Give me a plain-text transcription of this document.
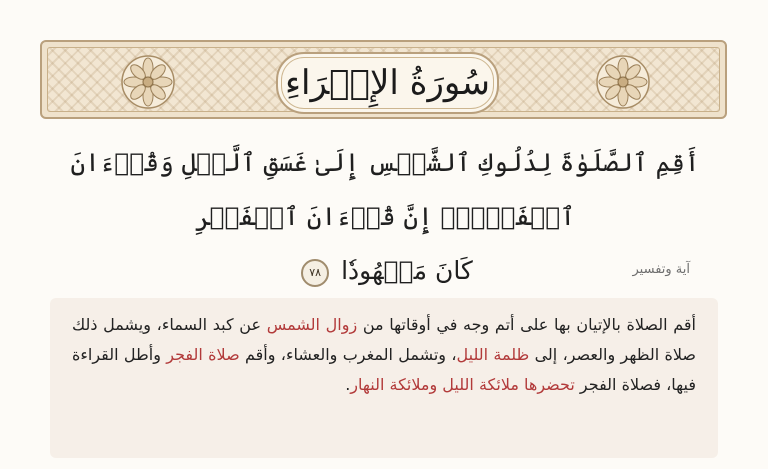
سُورَةُ الإِسۡرَاءِ
أَقِمِ ٱلصَّلَوٰةَ لِدُلُوكِ ٱلشَّمۡسِ إِلَىٰ غَسَقِ ٱلَّيۡلِ وَقُرۡءَانَ ٱلۡفَجۡرِۖ إِنَّ قُرۡءَانَ ٱلۡفَجۡرِ
كَانَ مَشۡهُودٗا ٧٨	آية وتفسير
أقم الصلاة بالإتيان بها على أتم وجه في أوقاتها من زوال الشمس عن كبد السماء، ويشمل ذلك صلاة الظهر والعصر، إلى ظلمة الليل، وتشمل المغرب والعشاء، وأقم صلاة الفجر وأطل القراءة فيها، فصلاة الفجر تحضرها ملائكة الليل وملائكة النهار.
